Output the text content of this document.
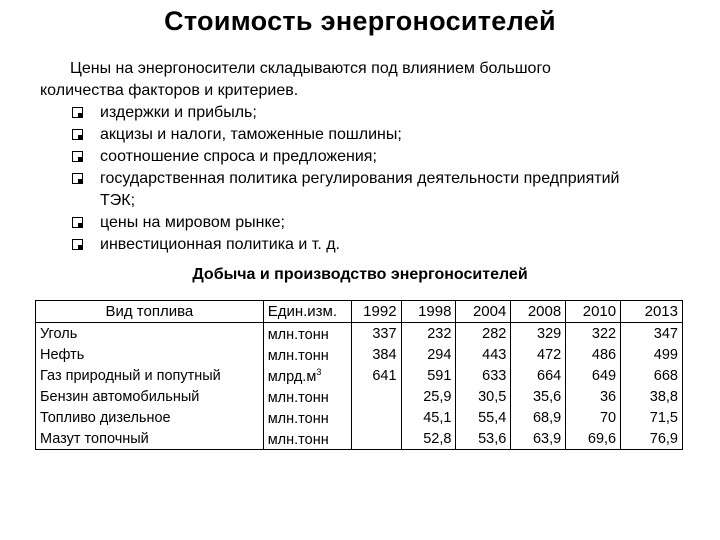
Стоимость энергоносителей
Цены на энергоносители складываются под влиянием большого
количества факторов и критериев.
издержки и прибыль;
акцизы и налоги, таможенные пошлины;
соотношение спроса и предложения;
государственная политика регулирования деятельности предприятий ТЭК;
цены на мировом рынке;
инвестиционная политика и т. д.
Добыча и производство энергоносителей
Вид топлива	Един.изм.	1992	1998	2004	2008	2010	2013
Уголь	млн.тонн	337	232	282	329	322	347
Нефть	млн.тонн	384	294	443	472	486	499
Газ природный и попутный	$млрд.м^3$	641	591	633	664	649	668
Бензин автомобильный	млн.тонн		25,9	30,5	35,6	36	38,8
Топливо дизельное	млн.тонн		45,1	55,4	68,9	70	71,5
Мазут топочный	млн.тонн		52,8	53,6	63,9	69,6	76,9
